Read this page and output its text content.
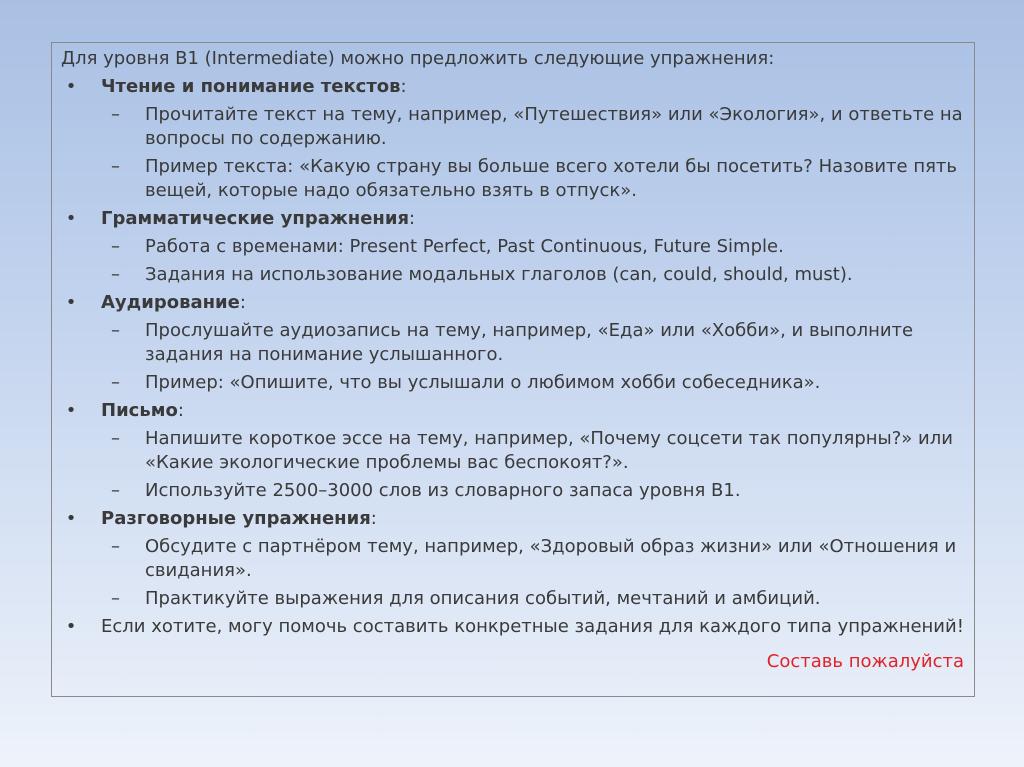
Для уровня B1 (Intermediate) можно предложить следующие упражнения:

• Чтение и понимание текстов:
– Прочитайте текст на тему, например, «Путешествия» или «Экология», и ответьте на вопросы по содержанию.
– Пример текста: «Какую страну вы больше всего хотели бы посетить? Назовите пять вещей, которые надо обязательно взять в отпуск».
• Грамматические упражнения:
– Работа с временами: Present Perfect, Past Continuous, Future Simple.
– Задания на использование модальных глаголов (can, could, should, must).
• Аудирование:
– Прослушайте аудиозапись на тему, например, «Еда» или «Хобби», и выполните задания на понимание услышанного.
– Пример: «Опишите, что вы услышали о любимом хобби собеседника».
• Письмо:
– Напишите короткое эссе на тему, например, «Почему соцсети так популярны?» или «Какие экологические проблемы вас беспокоят?».
– Используйте 2500–3000 слов из словарного запаса уровня B1.
• Разговорные упражнения:
– Обсудите с партнёром тему, например, «Здоровый образ жизни» или «Отношения и свидания».
– Практикуйте выражения для описания событий, мечтаний и амбиций.
• Если хотите, могу помочь составить конкретные задания для каждого типа упражнений!
Составь пожалуйста
